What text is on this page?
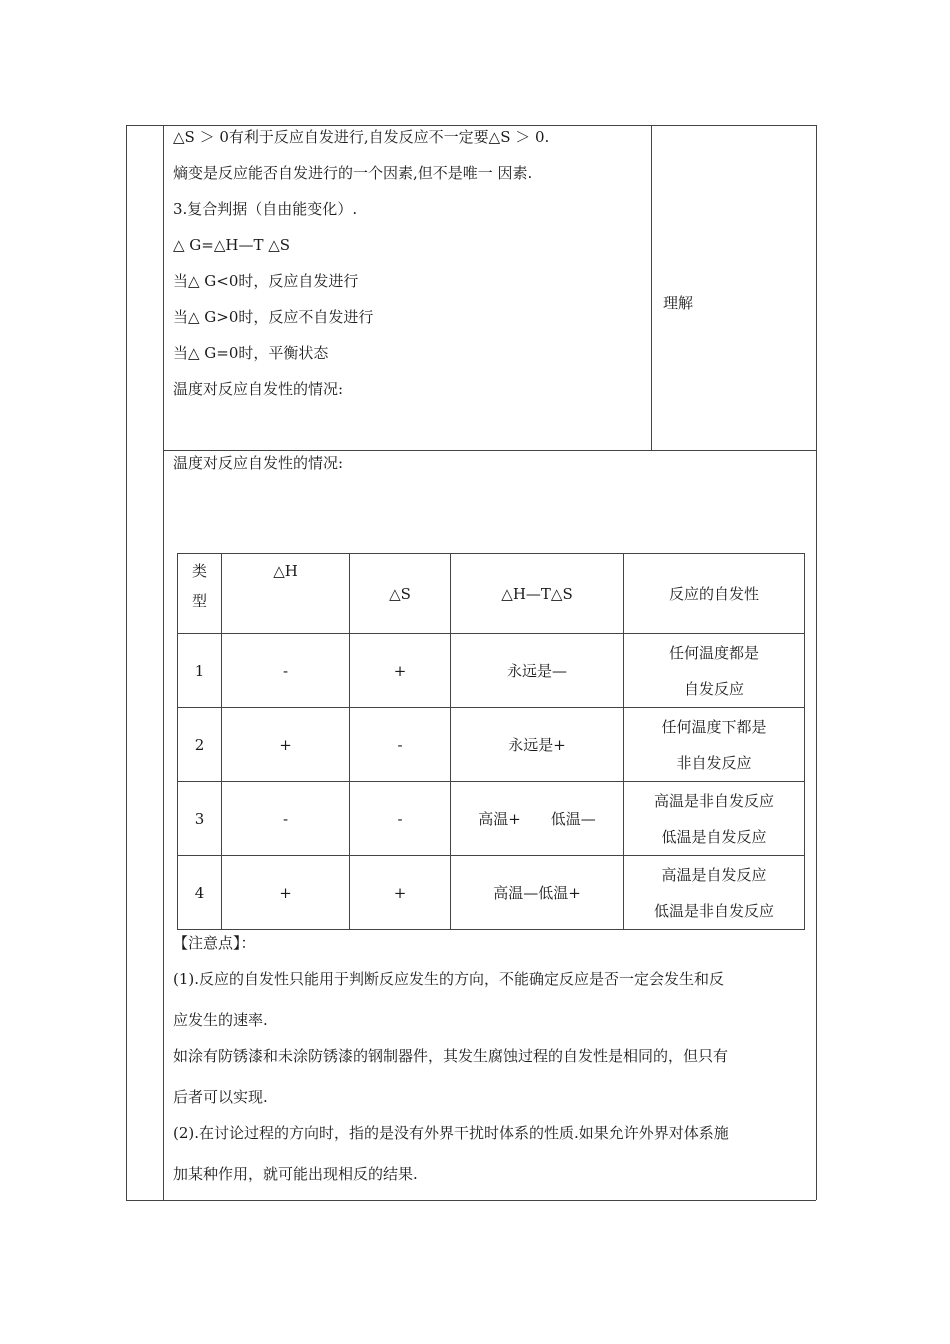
△S ＞ 0有利于反应自发进行,自发反应不一定要△S ＞ 0.
熵变是反应能否自发进行的一个因素,但不是唯一 因素.
3.复合判据（自由能变化）.
△ G=△H—T △S
当△ G<0时，反应自发进行
当△ G>0时，反应不自发进行
当△ G=0时，平衡状态
温度对反应自发性的情况:
理解
温度对反应自发性的情况:
类
型	△H	△S	△H—T△S	反应的自发性
1	-	+	永远是—	任何温度都是
自发反应
2	+	-	永远是+	任何温度下都是
非自发反应
3	-	-	高温+　　低温—	高温是非自发反应
低温是自发反应
4	+	+	高温—低温+	高温是自发反应
低温是非自发反应
【注意点】：
(1).反应的自发性只能用于判断反应发生的方向，不能确定反应是否一定会发生和反
应发生的速率.
如涂有防锈漆和未涂防锈漆的钢制器件，其发生腐蚀过程的自发性是相同的，但只有
后者可以实现.
(2).在讨论过程的方向时，指的是没有外界干扰时体系的性质.如果允许外界对体系施
加某种作用，就可能出现相反的结果.
